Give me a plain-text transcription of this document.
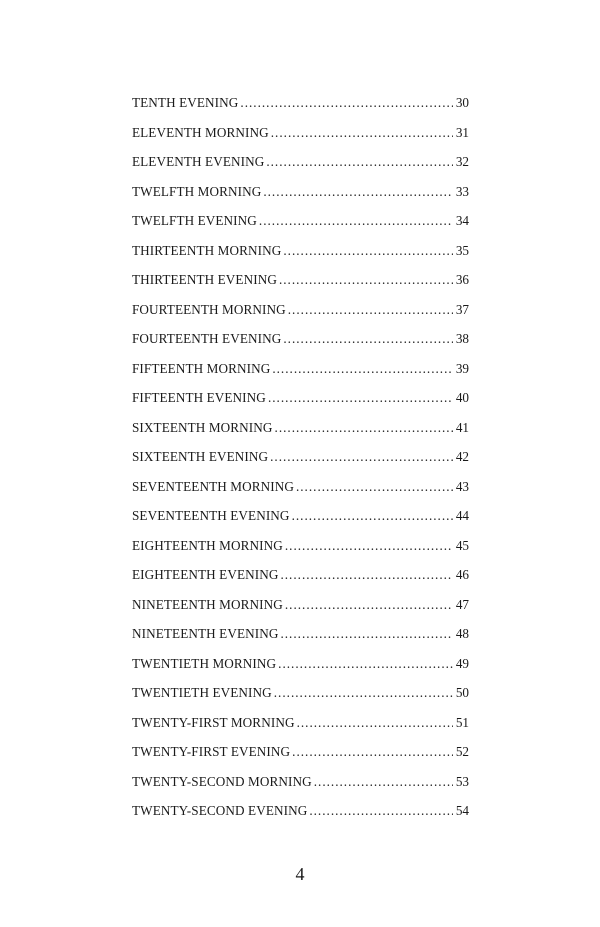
TENTH EVENING . . .	30
ELEVENTH MORNING . . .	31
ELEVENTH EVENING . . .	32
TWELFTH MORNING . . .	33
TWELFTH EVENING . . .	34
THIRTEENTH MORNING . . .	35
THIRTEENTH EVENING . . .	36
FOURTEENTH MORNING . . .	37
FOURTEENTH EVENING . . .	38
FIFTEENTH MORNING . . .	39
FIFTEENTH EVENING . . .	40
SIXTEENTH MORNING . . .	41
SIXTEENTH EVENING . . .	42
SEVENTEENTH MORNING . . .	43
SEVENTEENTH EVENING . . .	44
EIGHTEENTH MORNING . . .	45
EIGHTEENTH EVENING . . .	46
NINETEENTH MORNING . . .	47
NINETEENTH EVENING . . .	48
TWENTIETH MORNING . . .	49
TWENTIETH EVENING . . .	50
TWENTY-FIRST MORNING . . .	51
TWENTY-FIRST EVENING . . .	52
TWENTY-SECOND MORNING . . .	53
TWENTY-SECOND EVENING . . .	54
4
